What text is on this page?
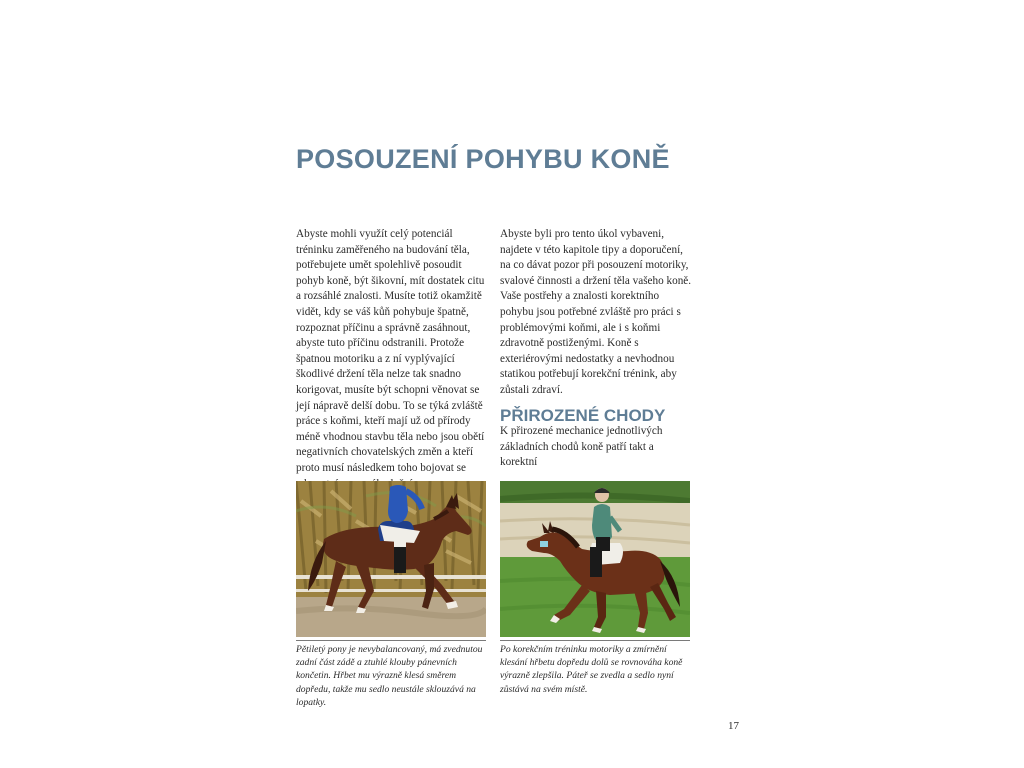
POSOUZENÍ POHYBU KONĚ

Abyste mohli využít celý potenciál tréninku zaměřeného na budování těla, potřebujete umět spolehlivě posoudit pohyb koně, být šikovní, mít dostatek citu a rozsáhlé znalosti. Musíte totiž okamžitě vidět, kdy se váš kůň pohybuje špatně, rozpoznat příčinu a správně zasáhnout, abyste tuto příčinu odstranili. Protože špatnou motoriku a z ní vyplývající škodlivé držení těla nelze tak snadno korigovat, musíte být schopni věnovat se její nápravě delší dobu. To se týká zvláště práce s koňmi, kteří mají už od přírody méně vhodnou stavbu těla nebo jsou obětí negativních chovatelských změn a kteří proto musí následkem toho bojovat se

Abyste byli pro tento úkol vybaveni, najdete v této kapitole tipy a doporučení, na co dávat pozor při posouzení motoriky, svalové činnosti a držení těla vašeho koně. Vaše postřehy a znalosti korektního pohybu jsou potřebné zvláště pro práci s problémovými koňmi, ale i s koňmi zdravotně postiženými. Koně s exteriérovými nedostatky a nevhodnou statikou potřebují korekční trénink, aby zůstali zdraví.

PŘIROZENÉ CHODY

K přirozené mechanice jednotlivých základních chodů koně patří takt a korektní

Pětiletý pony je nevybalancovaný, má zvednutou zadní část zádě a ztuhlé klouby pánevních končetin. Hřbet mu výrazně klesá směrem dopředu, takže mu sedlo neustále sklouzává na lopatky.

Po korekčním tréninku motoriky a zmírnění klesání hřbetu dopředu dolů se rovnováha koně výrazně zlepšila. Páteř se zvedla a sedlo nyní zůstává na svém místě.

17
